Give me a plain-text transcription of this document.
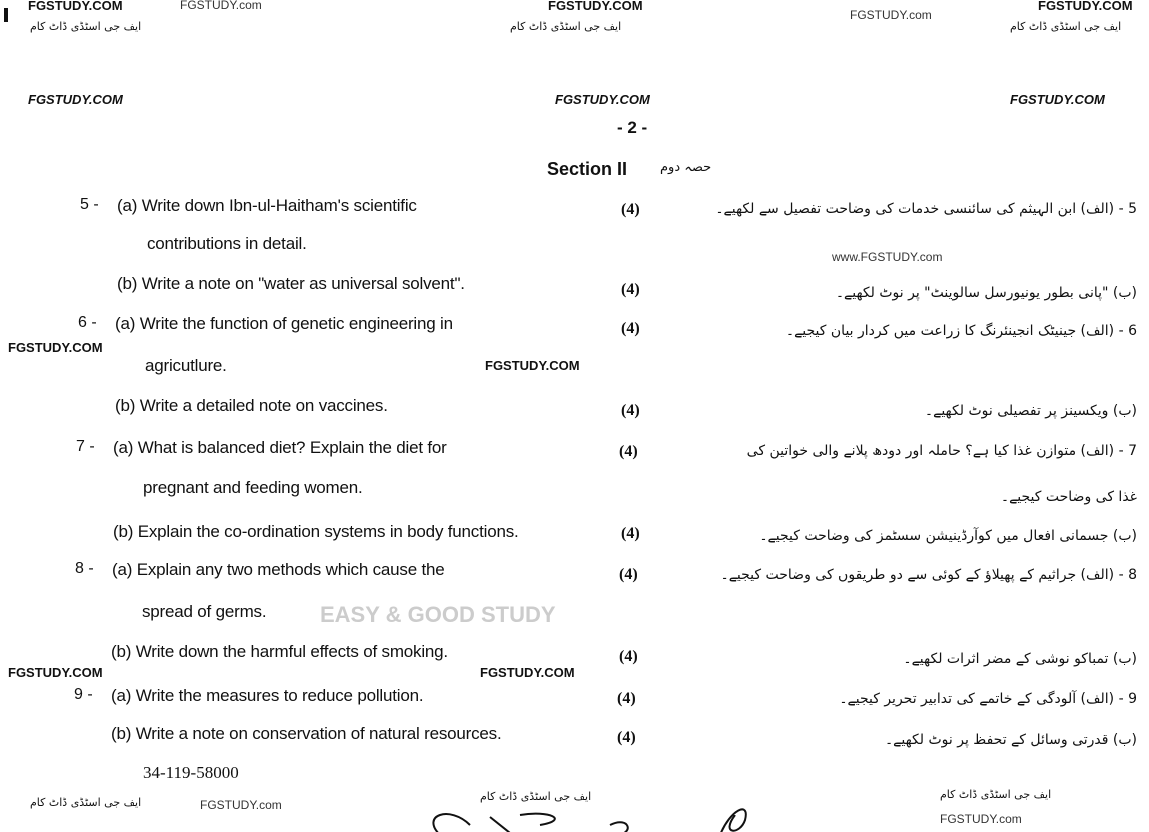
FGSTUDY.COM	FGSTUDY.com	FGSTUDY.COM
FGSTUDY.com
FGSTUDY.COM
ایف جی اسٹڈی ڈاٹ کام	ایف جی اسٹڈی ڈاٹ کام	ایف جی اسٹڈی ڈاٹ کام
FGSTUDY.COM	FGSTUDY.COM	FGSTUDY.COM
- 2 -
Section II	حصہ دوم
www.FGSTUDY.com
FGSTUDY.COM
FGSTUDY.COM
FGSTUDY.COM	FGSTUDY.COM
EASY & GOOD STUDY
5 - (a) Write down Ibn-ul-Haitham's scientific
contributions in detail.
(4)	5 - (الف) ابن الہیثم کی سائنسی خدمات کی وضاحت تفصیل سے لکھیے۔
(b) Write a note on "water as universal solvent".	(4)	(ب) "پانی بطور یونیورسل سالوینٹ" پر نوٹ لکھیے۔
6 - (a) Write the function of genetic engineering in
agricutlure.
(4)	6 - (الف) جینیٹک انجینئرنگ کا زراعت میں کردار بیان کیجیے۔
(b) Write a detailed note on vaccines.	(4)	(ب) ویکسینز پر تفصیلی نوٹ لکھیے۔
7 - (a) What is balanced diet? Explain the diet for
pregnant and feeding women.
(4)	7 - (الف) متوازن غذا کیا ہے؟ حاملہ اور دودھ پلانے والی خواتین کی
غذا کی وضاحت کیجیے۔
(b) Explain the co-ordination systems in body functions.	(4)	(ب) جسمانی افعال میں کوآرڈینیشن سسٹمز کی وضاحت کیجیے۔
8 - (a) Explain any two methods which cause the
spread of germs.
(4)	8 - (الف) جراثیم کے پھیلاؤ کے کوئی سے دو طریقوں کی وضاحت کیجیے۔
(b) Write down the harmful effects of smoking.	(4)	(ب) تمباکو نوشی کے مضر اثرات لکھیے۔
9 - (a) Write the measures to reduce pollution.	(4)	9 - (الف) آلودگی کے خاتمے کی تدابیر تحریر کیجیے۔
(b) Write a note on conservation of natural resources.	(4)	(ب) قدرتی وسائل کے تحفظ پر نوٹ لکھیے۔
34-119-58000
ایف جی اسٹڈی ڈاٹ کام	FGSTUDY.com
ایف جی اسٹڈی ڈاٹ کام	ایف جی اسٹڈی ڈاٹ کام
FGSTUDY.com
